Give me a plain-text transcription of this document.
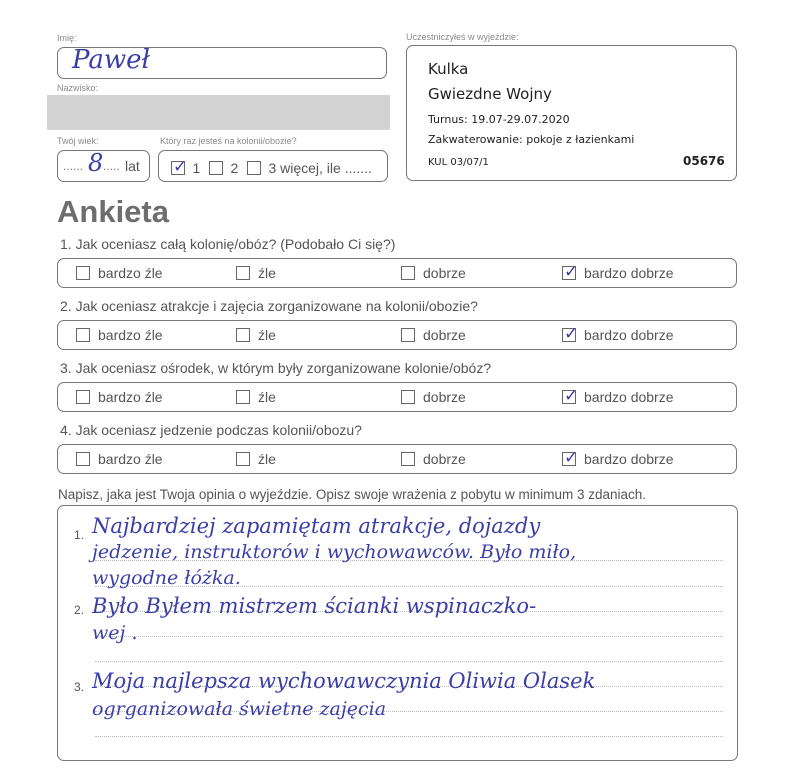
Imię:
Paweł
Nazwisko:
Twój wiek:
...... 8 ..... lat
Który raz jesteś na kolonii/obozie?
✓ 1	2	3 więcej, ile .......
Uczestniczyłeś w wyjeździe:
Kulka
Gwiezdne Wojny
Turnus: 19.07-29.07.2020
Zakwaterowanie: pokoje z łazienkami
KUL 03/07/1	05676
Ankieta
1. Jak oceniasz całą kolonię/obóz? (Podobało Ci się?)
bardzo źle	źle	dobrze	✓ bardzo dobrze
2. Jak oceniasz atrakcje i zajęcia zorganizowane na kolonii/obozie?
bardzo źle	źle	dobrze	✓ bardzo dobrze
3. Jak oceniasz ośrodek, w którym były zorganizowane kolonie/obóz?
bardzo źle	źle	dobrze	✓ bardzo dobrze
4. Jak oceniasz jedzenie podczas kolonii/obozu?
bardzo źle	źle	dobrze	✓ bardzo dobrze
Napisz, jaka jest Twoja opinia o wyjeździe. Opisz swoje wrażenia z pobytu w minimum 3 zdaniach.
1.
2.
3.
Najbardziej zapamiętam atrakcje, dojazdy
jedzenie, instruktorów i wychowawców. Było miło,
wygodne łóżka.
Było Byłem mistrzem ścianki wspinaczko-
wej .
Moja najlepsza wychowawczynia Oliwia Olasek
ogrganizowała świetne zajęcia
